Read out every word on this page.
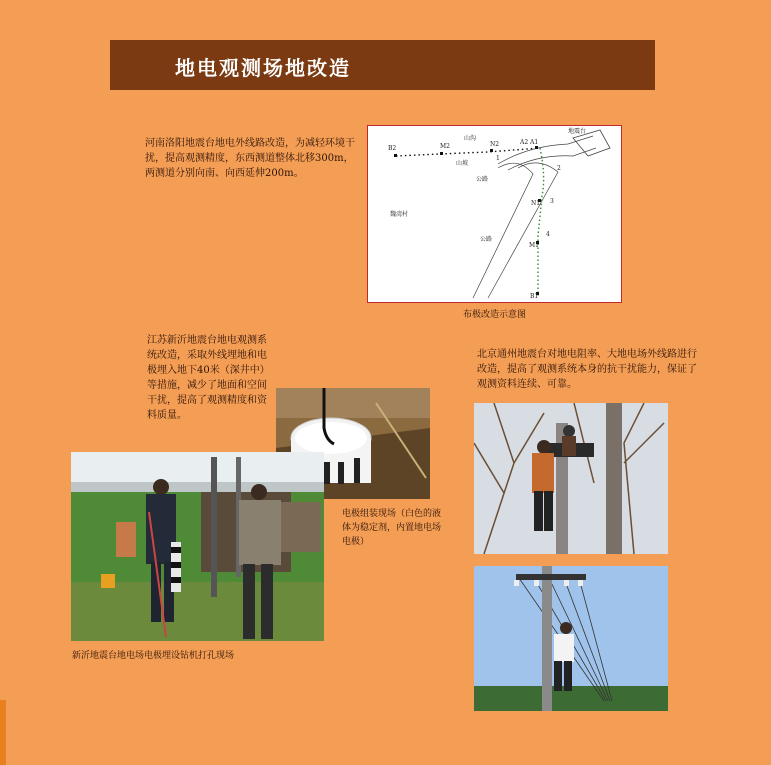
地电观测场地改造
河南洛阳地震台地电外线路改造，为减轻环境干扰，提高观测精度，东西测道整体北移300m，两测道分别向南、向西延伸200m。
B2	M2	N2	A2 A1
山沟
山坡
公路
公路
地震台
魏湾村
N1
M1
B1
1
2
3
4
布极改造示意图
江苏新沂地震台地电观测系统改造，采取外线埋地和电极埋入地下40米（深井中）等措施，减少了地面和空间干扰，提高了观测精度和资料质量。
电极组装现场（白色的液体为稳定剂，内置地电场电极）
新沂地震台地电场电极埋设钻机打孔现场
北京通州地震台对地电阻率、大地电场外线路进行改造，提高了观测系统本身的抗干扰能力，保证了观测资料连续、可靠。
